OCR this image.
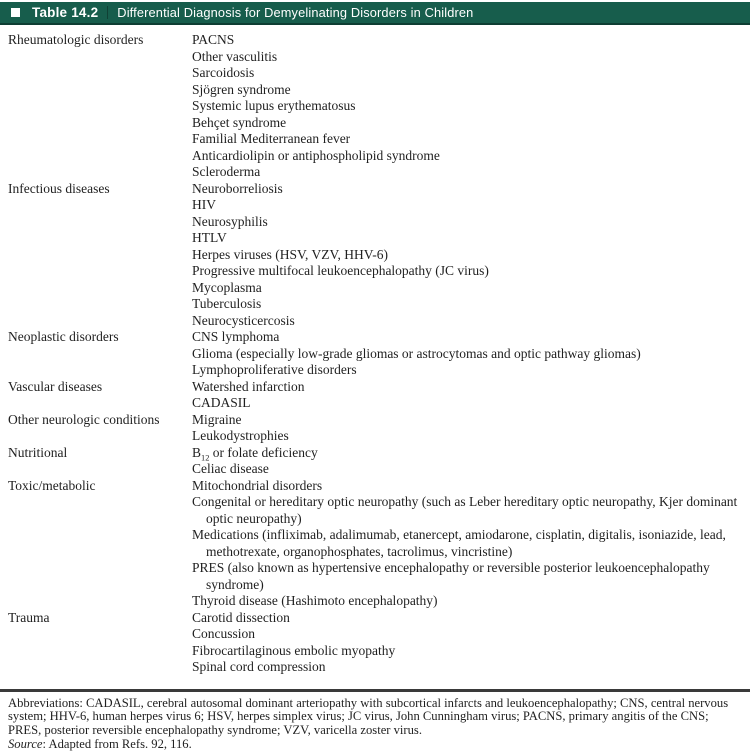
Table 14.2 Differential Diagnosis for Demyelinating Disorders in Children
Rheumatologic disorders	PACNS
Other vasculitis
Sarcoidosis
Sjögren syndrome
Systemic lupus erythematosus
Behçet syndrome
Familial Mediterranean fever
Anticardiolipin or antiphospholipid syndrome
Scleroderma
Infectious diseases	Neuroborreliosis
HIV
Neurosyphilis
HTLV
Herpes viruses (HSV, VZV, HHV-6)
Progressive multifocal leukoencephalopathy (JC virus)
Mycoplasma
Tuberculosis
Neurocysticercosis
Neoplastic disorders	CNS lymphoma
Glioma (especially low-grade gliomas or astrocytomas and optic pathway gliomas)
Lymphoproliferative disorders
Vascular diseases	Watershed infarction
CADASIL
Other neurologic conditions	Migraine
Leukodystrophies
Nutritional	$B_{12}$ or folate deficiency
Celiac disease
Toxic/metabolic	Mitochondrial disorders
Congenital or hereditary optic neuropathy (such as Leber hereditary optic neuropathy, Kjer dominant optic neuropathy)
Medications (infliximab, adalimumab, etanercept, amiodarone, cisplatin, digitalis, isoniazide, lead, methotrexate, organophosphates, tacrolimus, vincristine)
PRES (also known as hypertensive encephalopathy or reversible posterior leukoencephalopathy syndrome)
Thyroid disease (Hashimoto encephalopathy)
Trauma	Carotid dissection
Concussion
Fibrocartilaginous embolic myopathy
Spinal cord compression

Abbreviations: CADASIL, cerebral autosomal dominant arteriopathy with subcortical infarcts and leukoencephalopathy; CNS, central nervous system; HHV-6, human herpes virus 6; HSV, herpes simplex virus; JC virus, John Cunningham virus; PACNS, primary angitis of the CNS; PRES, posterior reversible encephalopathy syndrome; VZV, varicella zoster virus.

Source: Adapted from Refs. 92, 116.
